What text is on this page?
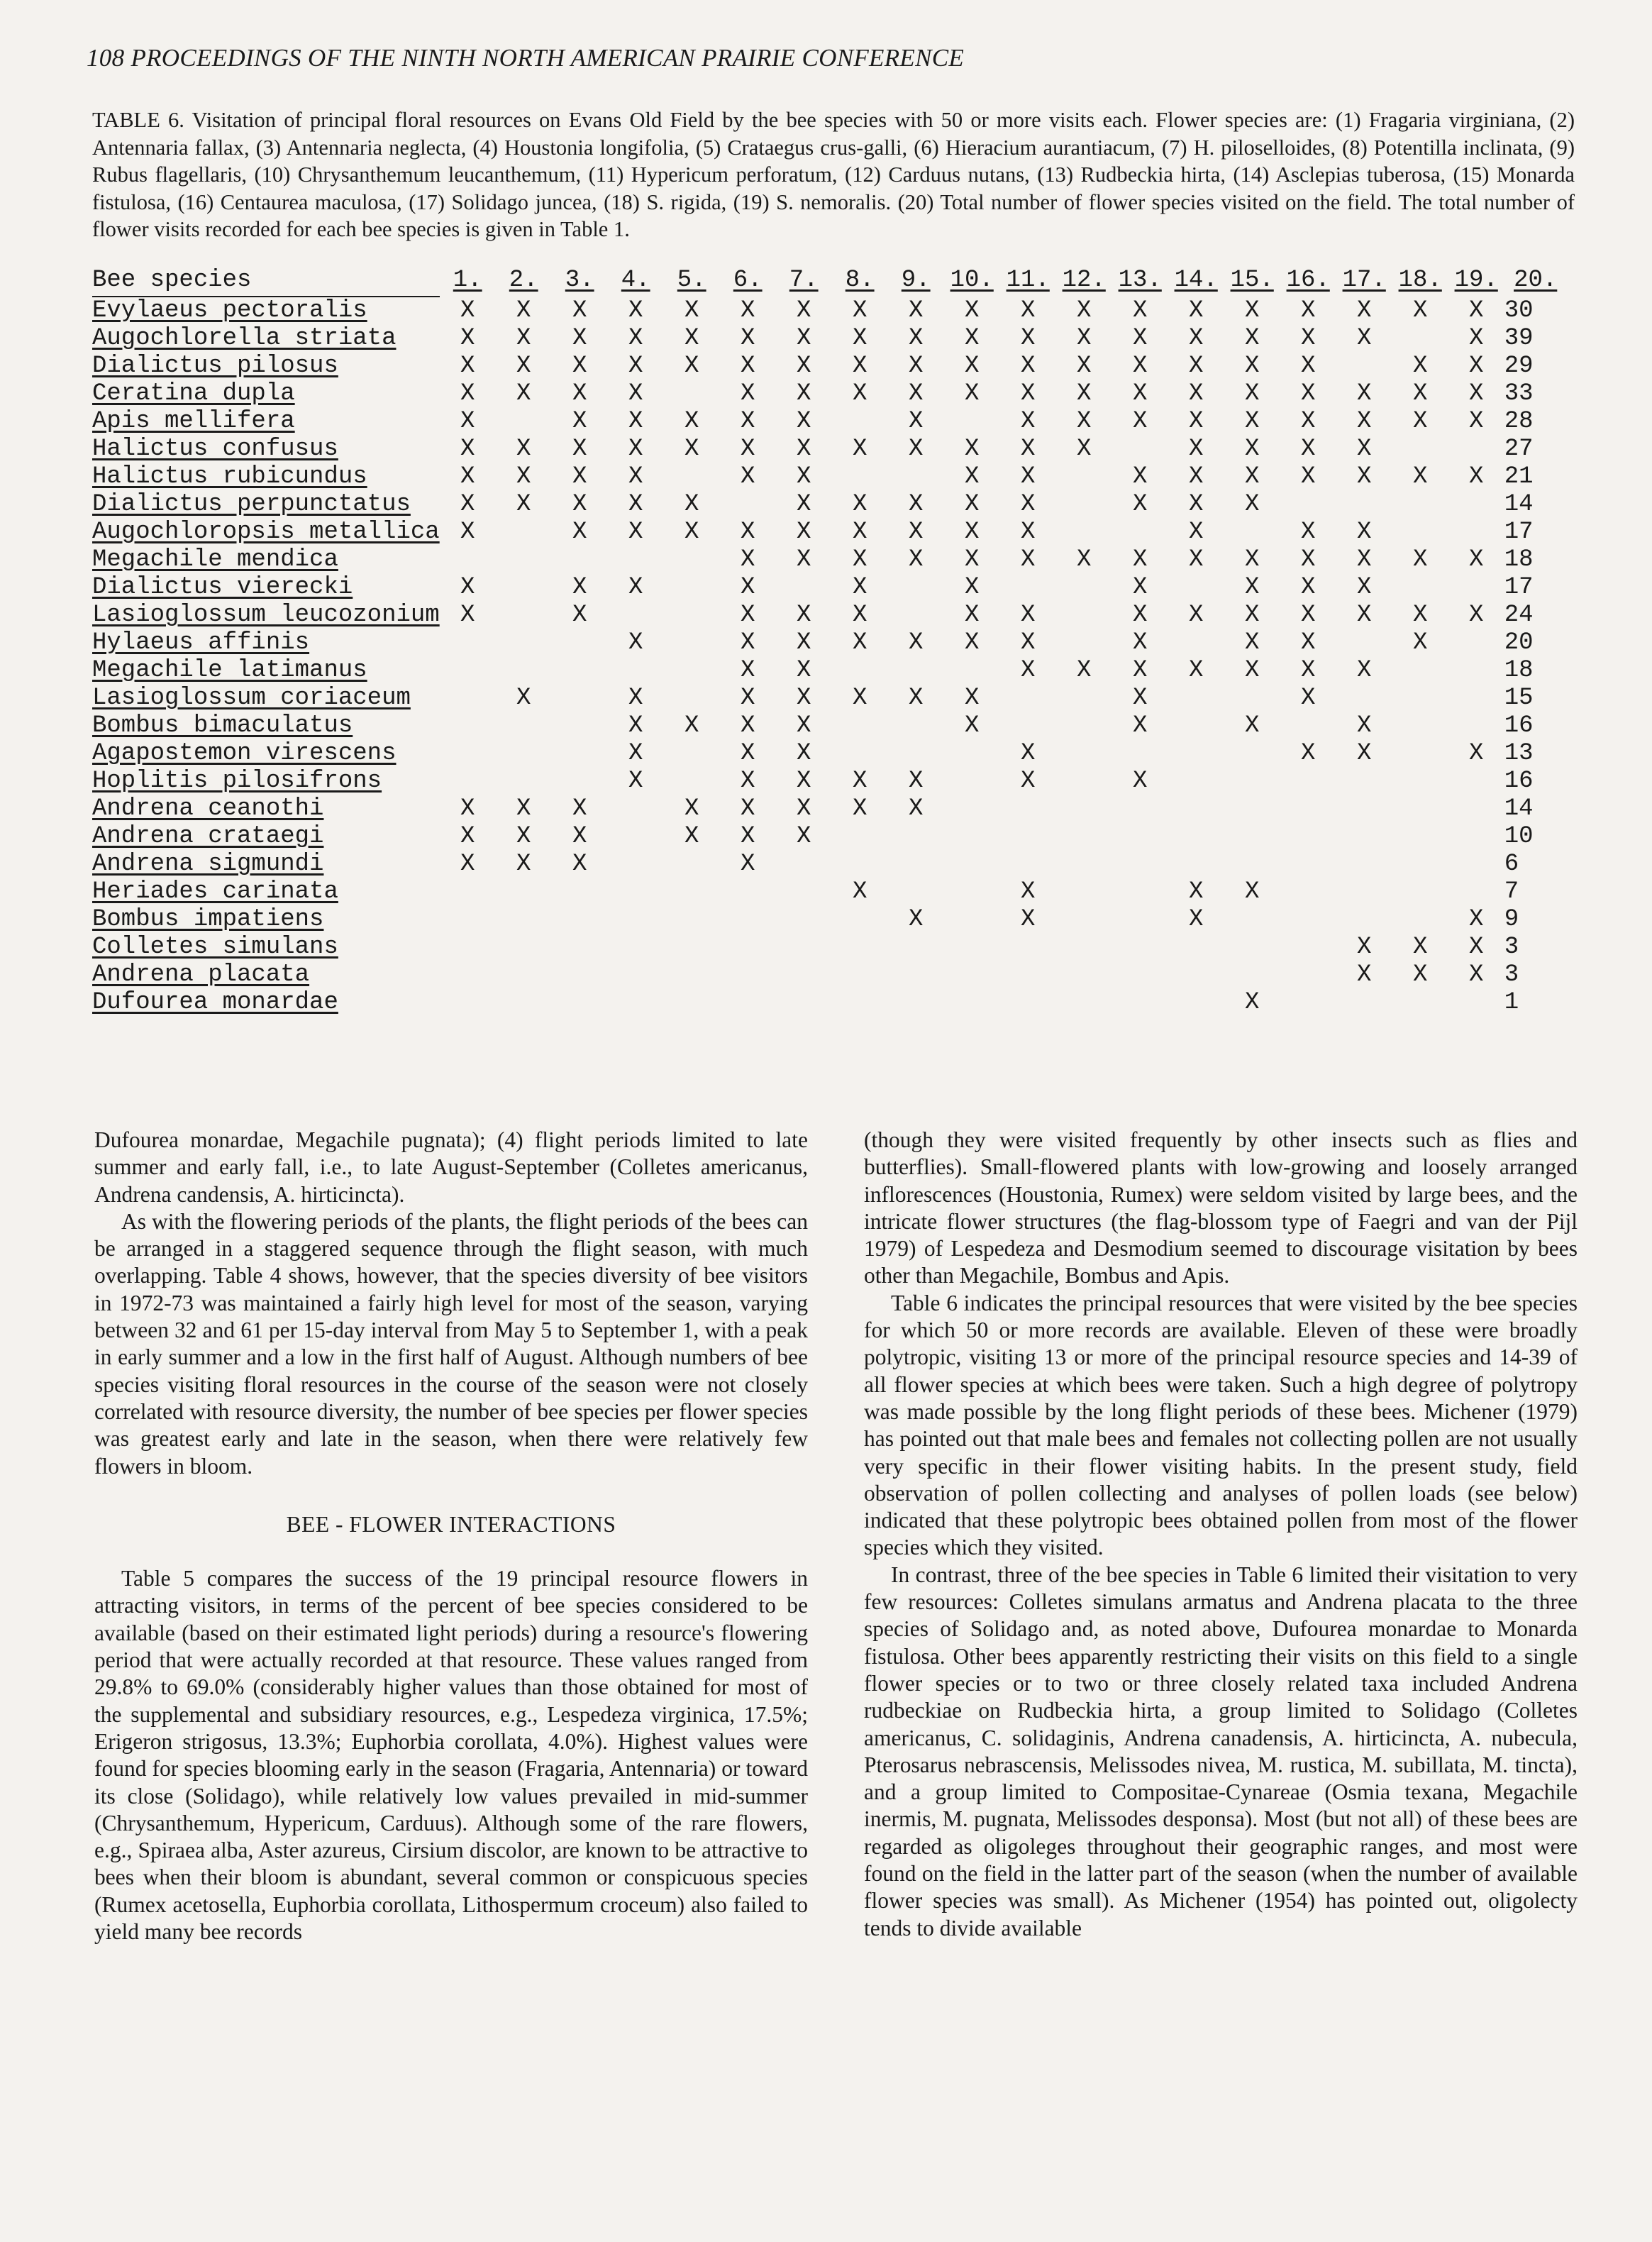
108 PROCEEDINGS OF THE NINTH NORTH AMERICAN PRAIRIE CONFERENCE
TABLE 6. Visitation of principal floral resources on Evans Old Field by the bee species with 50 or more visits each. Flower species are: (1) Fragaria virginiana, (2) Antennaria fallax, (3) Antennaria neglecta, (4) Houstonia longifolia, (5) Crataegus crus-galli, (6) Hieracium aurantiacum, (7) H. piloselloides, (8) Potentilla inclinata, (9) Rubus flagellaris, (10) Chrysanthemum leucanthemum, (11) Hypericum perforatum, (12) Carduus nutans, (13) Rudbeckia hirta, (14) Asclepias tuberosa, (15) Monarda fistulosa, (16) Centaurea maculosa, (17) Solidago juncea, (18) S. rigida, (19) S. nemoralis. (20) Total number of flower species visited on the field. The total number of flower visits recorded for each bee species is given in Table 1.
Bee species	1.	2.	3.	4.	5.	6.	7.	8.	9.	10.	11.	12.	13.	14.	15.	16.	17.	18.	19.	20.
Evylaeus pectoralis	X	X	X	X	X	X	X	X	X	X	X	X	X	X	X	X	X	X	X	30
Augochlorella striata	X	X	X	X	X	X	X	X	X	X	X	X	X	X	X	X	X		X	39
Dialictus pilosus	X	X	X	X	X	X	X	X	X	X	X	X	X	X	X	X		X	X	29
Ceratina dupla	X	X	X	X		X	X	X	X	X	X	X	X	X	X	X	X	X	X	33
Apis mellifera	X		X	X	X	X	X		X		X	X	X	X	X	X	X	X	X	28
Halictus confusus	X	X	X	X	X	X	X	X	X	X	X	X		X	X	X	X			27
Halictus rubicundus	X	X	X	X		X	X			X	X		X	X	X	X	X	X	X	21
Dialictus perpunctatus	X	X	X	X	X		X	X	X	X	X		X	X	X					14
Augochloropsis metallica	X		X	X	X	X	X	X	X	X	X			X		X	X			17
Megachile mendica						X	X	X	X	X	X	X	X	X	X	X	X	X	X	18
Dialictus vierecki	X		X	X		X		X		X			X		X	X	X			17
Lasioglossum leucozonium	X		X			X	X	X		X	X		X	X	X	X	X	X	X	24
Hylaeus affinis				X		X	X	X	X	X	X		X		X	X		X		20
Megachile latimanus						X	X				X	X	X	X	X	X	X			18
Lasioglossum coriaceum		X		X		X	X	X	X	X			X			X				15
Bombus bimaculatus				X	X	X	X			X			X		X		X			16
Agapostemon virescens				X		X	X				X					X	X		X	13
Hoplitis pilosifrons				X		X	X	X	X		X		X							16
Andrena ceanothi	X	X	X		X	X	X	X	X											14
Andrena crataegi	X	X	X		X	X	X													10
Andrena sigmundi	X	X	X			X														6
Heriades carinata								X			X			X	X					7
Bombus impatiens									X		X			X					X	9
Colletes simulans																	X	X	X	3
Andrena placata																	X	X	X	3
Dufourea monardae															X					1

Dufourea monardae, Megachile pugnata); (4) flight periods limited to late summer and early fall, i.e., to late August-September (Colletes americanus, Andrena candensis, A. hirticincta).

As with the flowering periods of the plants, the flight periods of the bees can be arranged in a staggered sequence through the flight season, with much overlapping. Table 4 shows, however, that the species diversity of bee visitors in 1972-73 was maintained a fairly high level for most of the season, varying between 32 and 61 per 15-day interval from May 5 to September 1, with a peak in early summer and a low in the first half of August. Although numbers of bee species visiting floral resources in the course of the season were not closely correlated with resource diversity, the number of bee species per flower species was greatest early and late in the season, when there were relatively few flowers in bloom.

BEE - FLOWER INTERACTIONS

Table 5 compares the success of the 19 principal resource flowers in attracting visitors, in terms of the percent of bee species considered to be available (based on their estimated light periods) during a resource's flowering period that were actually recorded at that resource. These values ranged from 29.8% to 69.0% (considerably higher values than those obtained for most of the supplemental and subsidiary resources, e.g., Lespedeza virginica, 17.5%; Erigeron strigosus, 13.3%; Euphorbia corollata, 4.0%). Highest values were found for species blooming early in the season (Fragaria, Antennaria) or toward its close (Solidago), while relatively low values prevailed in mid-summer (Chrysanthemum, Hypericum, Carduus). Although some of the rare flowers, e.g., Spiraea alba, Aster azureus, Cirsium discolor, are known to be attractive to bees when their bloom is abundant, several common or conspicuous species (Rumex acetosella, Euphorbia corollata, Lithospermum croceum) also failed to yield many bee records

(though they were visited frequently by other insects such as flies and butterflies). Small-flowered plants with low-growing and loosely arranged inflorescences (Houstonia, Rumex) were seldom visited by large bees, and the intricate flower structures (the flag-blossom type of Faegri and van der Pijl 1979) of Lespedeza and Desmodium seemed to discourage visitation by bees other than Megachile, Bombus and Apis.

Table 6 indicates the principal resources that were visited by the bee species for which 50 or more records are available. Eleven of these were broadly polytropic, visiting 13 or more of the principal resource species and 14-39 of all flower species at which bees were taken. Such a high degree of polytropy was made possible by the long flight periods of these bees. Michener (1979) has pointed out that male bees and females not collecting pollen are not usually very specific in their flower visiting habits. In the present study, field observation of pollen collecting and analyses of pollen loads (see below) indicated that these polytropic bees obtained pollen from most of the flower species which they visited.

In contrast, three of the bee species in Table 6 limited their visitation to very few resources: Colletes simulans armatus and Andrena placata to the three species of Solidago and, as noted above, Dufourea monardae to Monarda fistulosa. Other bees apparently restricting their visits on this field to a single flower species or to two or three closely related taxa included Andrena rudbeckiae on Rudbeckia hirta, a group limited to Solidago (Colletes americanus, C. solidaginis, Andrena canadensis, A. hirticincta, A. nubecula, Pterosarus nebrascensis, Melissodes nivea, M. rustica, M. subillata, M. tincta), and a group limited to Compositae-Cynareae (Osmia texana, Megachile inermis, M. pugnata, Melissodes desponsa). Most (but not all) of these bees are regarded as oligoleges throughout their geographic ranges, and most were found on the field in the latter part of the season (when the number of available flower species was small). As Michener (1954) has pointed out, oligolecty tends to divide available
